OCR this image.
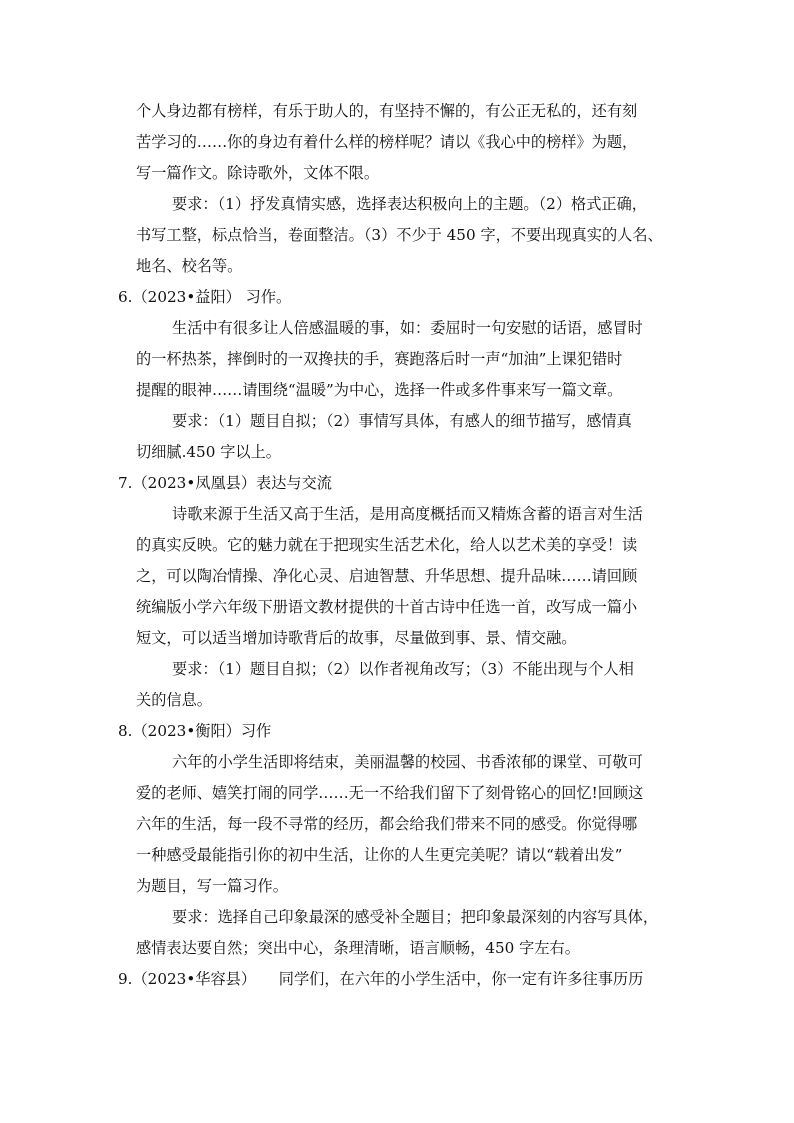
个人身边都有榜样，有乐于助人的，有坚持不懈的，有公正无私的，还有刻
苦学习的……你的身边有着什么样的榜样呢？请以《我心中的榜样》为题，
写一篇作文。除诗歌外，文体不限。
要求：（1）抒发真情实感，选择表达积极向上的主题。（2）格式正确，
书写工整，标点恰当，卷面整洁。（3）不少于 450 字，不要出现真实的人名、
地名、校名等。
6.（2023•益阳） 习作。
生活中有很多让人倍感温暖的事，如：委屈时一句安慰的话语，感冒时
的一杯热茶，摔倒时的一双搀扶的手，赛跑落后时一声“加油”上课犯错时
提醒的眼神……请围绕“温暖”为中心，选择一件或多件事来写一篇文章。
要求：（1）题目自拟；（2）事情写具体，有感人的细节描写，感情真
切细腻.450 字以上。
7.（2023•凤凰县）表达与交流
诗歌来源于生活又高于生活，是用高度概括而又精炼含蓄的语言对生活
的真实反映。它的魅力就在于把现实生活艺术化，给人以艺术美的享受！读
之，可以陶冶情操、净化心灵、启迪智慧、升华思想、提升品味……请回顾
统编版小学六年级下册语文教材提供的十首古诗中任选一首，改写成一篇小
短文，可以适当增加诗歌背后的故事，尽量做到事、景、情交融。
要求：（1）题目自拟；（2）以作者视角改写；（3）不能出现与个人相
关的信息。
8.（2023•衡阳）习作
六年的小学生活即将结束，美丽温馨的校园、书香浓郁的课堂、可敬可
爱的老师、嬉笑打闹的同学……无一不给我们留下了刻骨铭心的回忆!回顾这
六年的生活，每一段不寻常的经历，都会给我们带来不同的感受。你觉得哪
一种感受最能指引你的初中生活，让你的人生更完美呢？请以“载着出发”
为题目，写一篇习作。
要求：选择自己印象最深的感受补全题目；把印象最深刻的内容写具体，
感情表达要自然；突出中心，条理清晰，语言顺畅，450 字左右。
9.（2023•华容县）　　同学们，在六年的小学生活中，你一定有许多往事历历
